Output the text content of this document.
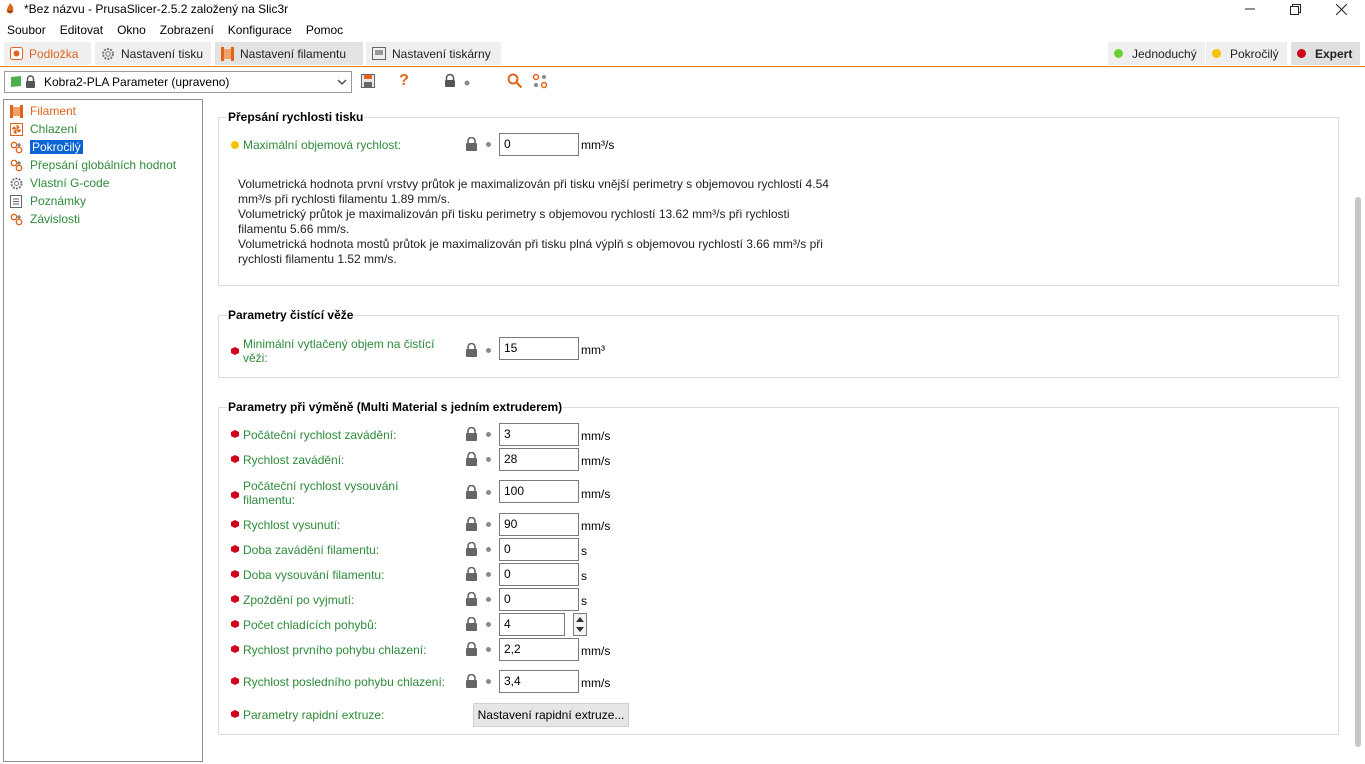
*Bez názvu - PrusaSlicer-2.5.2 založený na Slic3r
Soubor	Editovat	Okno	Zobrazení	Konfigurace	Pomoc
Podložka	Nastavení tisku	Nastavení filamentu	Nastavení tiskárny	Jednoduchý	Pokročilý	Expert
Kobra2-PLA Parameter (upraveno)	?
Filament
Chlazení
Pokročilý
Přepsání globálních hodnot
Vlastní G-code
Poznámky
Závislosti
Přepsání rychlosti tisku
Maximální objemová rychlost:	0	mm³/s

Volumetrická hodnota první vrstvy průtok je maximalizován při tisku vnější perimetry s objemovou rychlostí 4.54 mm³/s při rychlosti filamentu 1.89 mm/s.

Volumetrický průtok je maximalizován při tisku perimetry s objemovou rychlostí 13.62 mm³/s při rychlosti filamentu 5.66 mm/s.

Volumetrická hodnota mostů průtok je maximalizován při tisku plná výplň s objemovou rychlostí 3.66 mm³/s při rychlosti filamentu 1.52 mm/s.

Parametry čistící věže
Minimální vytlačený objem na čistící
věži:
15	mm³
Parametry při výměně (Multi Material s jedním extruderem)
Počáteční rychlost zavádění:	3	mm/s
Rychlost zavádění:	28	mm/s
Počáteční rychlost vysouvání
filamentu:
100	mm/s
Rychlost vysunutí:	90	mm/s
Doba zavádění filamentu:	0	s
Doba vysouvání filamentu:	0	s
Zpoždění po vyjmutí:	0	s
Počet chladících pohybů:	4
Rychlost prvního pohybu chlazení:	2,2	mm/s
Rychlost posledního pohybu chlazení:	3,4	mm/s
Parametry rapidní extruze:	Nastavení rapidní extruze...
